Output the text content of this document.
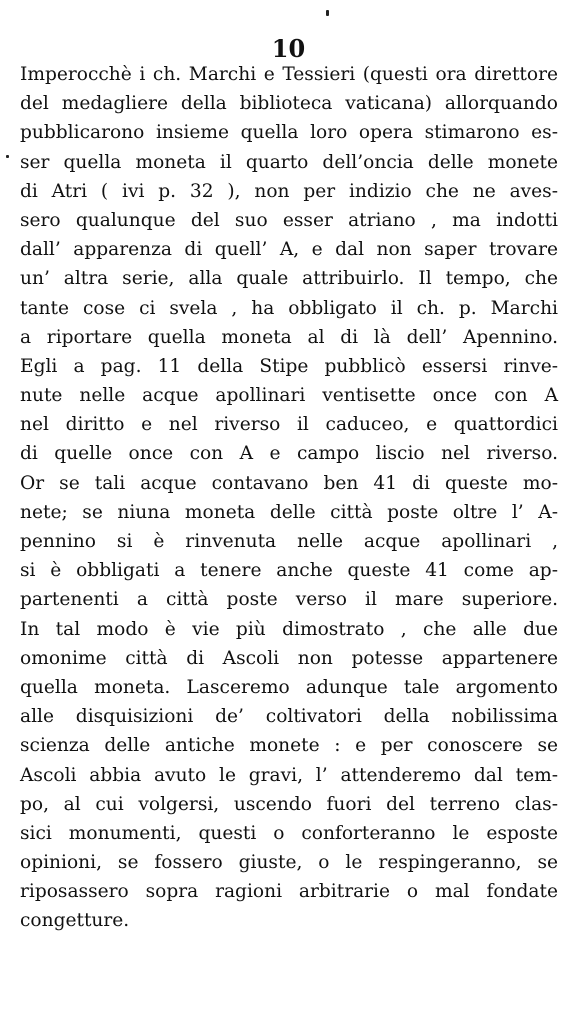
10
Imperocchè i ch. Marchi e Tessieri (questi ora direttore
del medagliere della biblioteca vaticana) allorquando
pubblicarono insieme quella loro opera stimarono es-
ser quella moneta il quarto dell’oncia delle monete
di Atri ( ivi p. 32 ), non per indizio che ne aves-
sero qualunque del suo esser atriano , ma indotti
dall’ apparenza di quell’ A, e dal non saper trovare
un’ altra serie, alla quale attribuirlo. Il tempo, che
tante cose ci svela , ha obbligato il ch. p. Marchi
a riportare quella moneta al di là dell’ Apennino.
Egli a pag. 11 della Stipe pubblicò essersi rinve-
nute nelle acque apollinari ventisette once con A
nel diritto e nel riverso il caduceo, e quattordici
di quelle once con A e campo liscio nel riverso.
Or se tali acque contavano ben 41 di queste mo-
nete; se niuna moneta delle città poste oltre l’ A-
pennino si è rinvenuta nelle acque apollinari ,
si è obbligati a tenere anche queste 41 come ap-
partenenti a città poste verso il mare superiore.
In tal modo è vie più dimostrato , che alle due
omonime città di Ascoli non potesse appartenere
quella moneta. Lasceremo adunque tale argomento
alle disquisizioni de’ coltivatori della nobilissima
scienza delle antiche monete : e per conoscere se
Ascoli abbia avuto le gravi, l’ attenderemo dal tem-
po, al cui volgersi, uscendo fuori del terreno clas-
sici monumenti, questi o conforteranno le esposte
opinioni, se fossero giuste, o le respingeranno, se
riposassero sopra ragioni arbitrarie o mal fondate
congetture.
